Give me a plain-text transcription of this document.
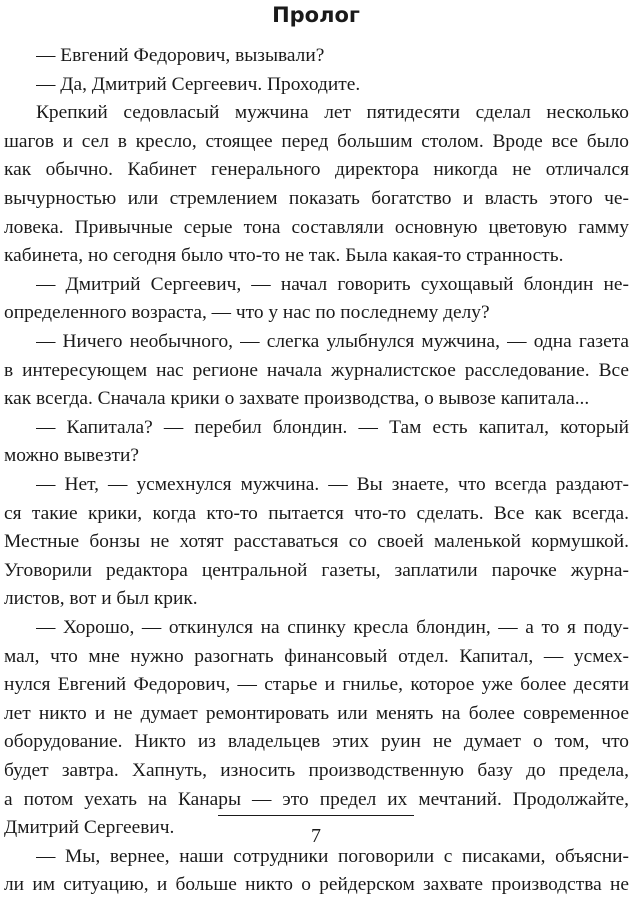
Пролог
— Евгений Федорович, вызывали?
— Да, Дмитрий Сергеевич. Проходите.
Крепкий седовласый мужчина лет пятидесяти сделал несколько
шагов и сел в кресло, стоящее перед большим столом. Вроде все было
как обычно. Кабинет генерального директора никогда не отличался
вычурностью или стремлением показать богатство и власть этого че-
ловека. Привычные серые тона составляли основную цветовую гамму
кабинета, но сегодня было что-то не так. Была какая-то странность.
— Дмитрий Сергеевич, — начал говорить сухощавый блондин не-
определенного возраста, — что у нас по последнему делу?
— Ничего необычного, — слегка улыбнулся мужчина, — одна газета
в интересующем нас регионе начала журналистское расследование. Все
как всегда. Сначала крики о захвате производства, о вывозе капитала...
— Капитала? — перебил блондин. — Там есть капитал, который
можно вывезти?
— Нет, — усмехнулся мужчина. — Вы знаете, что всегда раздают-
ся такие крики, когда кто-то пытается что-то сделать. Все как всегда.
Местные бонзы не хотят расставаться со своей маленькой кормушкой.
Уговорили редактора центральной газеты, заплатили парочке журна-
листов, вот и был крик.
— Хорошо, — откинулся на спинку кресла блондин, — а то я поду-
мал, что мне нужно разогнать финансовый отдел. Капитал, — усмех-
нулся Евгений Федорович, — старье и гнилье, которое уже более десяти
лет никто и не думает ремонтировать или менять на более современное
оборудование. Никто из владельцев этих руин не думает о том, что
будет завтра. Хапнуть, износить производственную базу до предела,
а потом уехать на Канары — это предел их мечтаний. Продолжайте,
Дмитрий Сергеевич.
— Мы, вернее, наши сотрудники поговорили с писаками, объясни-
ли им ситуацию, и больше никто о рейдерском захвате производства не
7
